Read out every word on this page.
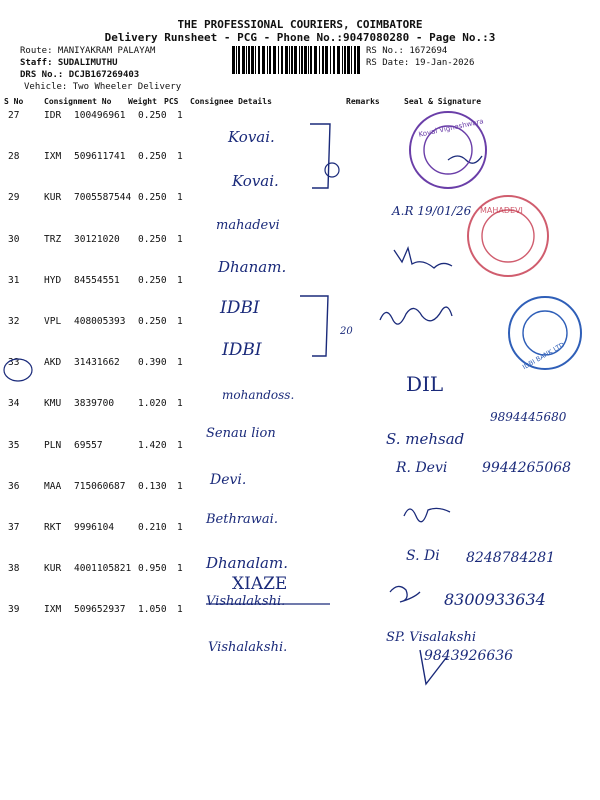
THE PROFESSIONAL COURIERS, COIMBATORE
Delivery Runsheet - PCG - Phone No.:9047080280 - Page No.:3
Route: MANIYAKRAM PALAYAM
Staff: SUDALIMUTHU
DRS No.: DCJB167269403
Vehicle: Two Wheeler Delivery
RS No.: 1672694
RS Date: 19-Jan-2026
S No	Consignment No Weight PCS Consignee Details	Remarks	Seal & Signature
27	IDR 100496961 0.250 1
28	IXM 509611741 0.250 1
29	KUR 7005587544 0.250 1
30	TRZ 30121020 0.250 1
31	HYD 84554551 0.250 1
32	VPL 408005393 0.250 1
33	AKD 31431662 0.390 1
34	KMU 3839700	1.020 1
35	PLN 69557	1.420 1
36	MAA 715060687 0.130 1
37	RKT 9996104	0.210 1
38	KUR 4001105821 0.950 1
39	IXM 509652937 1.050 1
Kovai Vigneshwara
MAHADEVI
IDBI BANK LTD
Kovai.
Kovai.
mahadevi
A.R 19/01/26
Dhanam.
IDBI
IDBI
20
mohandoss.	DIL
9894445680
Senau lion	S. mehsad
Devi.
R. Devi 9944265068
Bethrawai.
Dhanalam.	S. Di 8248784281
XIAZE
Vishalakshi.	8300933634
Vishalakshi.
SP. Visalakshi
9843926636
